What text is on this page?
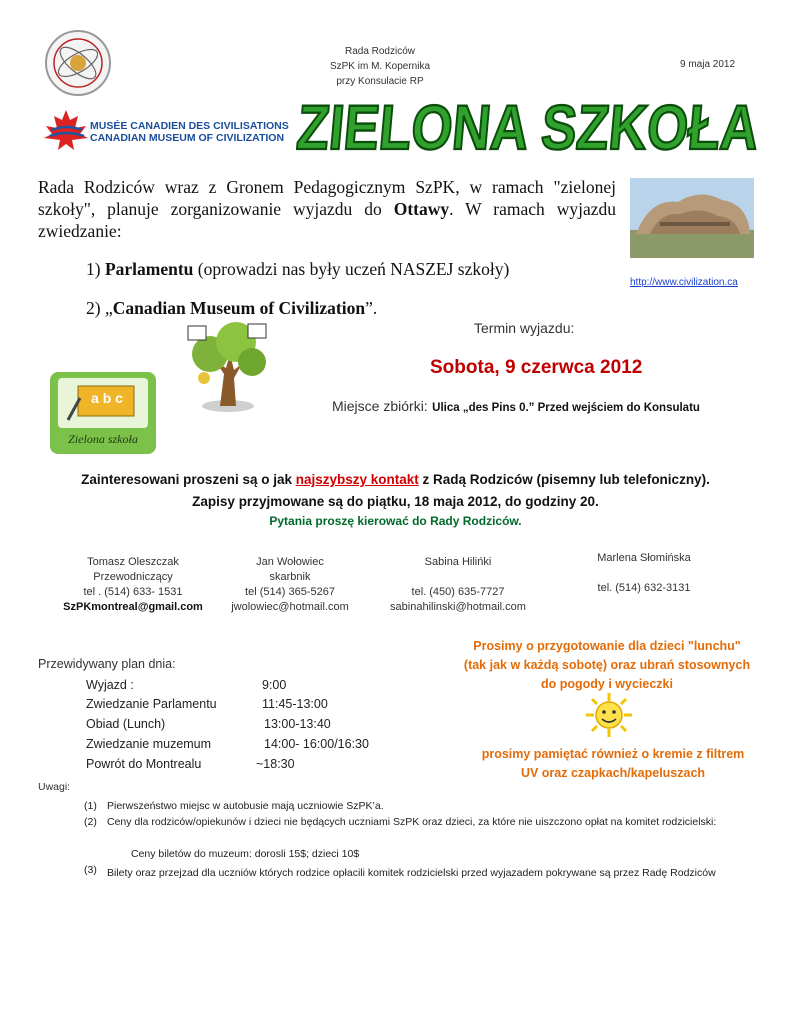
Rada Rodziców
SzPK im M. Kopernika
przy Konsulacie RP
9 maja 2012
MUSÉE CANADIEN DES CIVILISATIONS
CANADIAN MUSEUM OF CIVILIZATION ZIELONA SZKOŁA
Rada Rodziców wraz z Gronem Pedagogicznym SzPK, w ramach "zielonej szkoły", planuje zorganizowanie wyjazdu do Ottawy. W ramach wyjazdu zwiedzanie:
http://www.civilization.ca
1) Parlamentu (oprowadzi nas były uczeń NASZEJ szkoły)
2) „Canadian Museum of Civilization”.
a b c
Zielona szkoła
Termin wyjazdu:
Sobota, 9 czerwca 2012
Miejsce zbiórki: Ulica „des Pins 0.” Przed wejściem do Konsulatu
Zainteresowani proszeni są o jak najszybszy kontakt z Radą Rodziców (pisemny lub telefoniczny).
Zapisy przyjmowane są do piątku, 18 maja 2012, do godziny 20.
Pytania proszę kierować do Rady Rodziców.
Tomasz Oleszczak
Przewodniczący
tel . (514) 633- 1531
SzPKmontreal@gmail.com
Jan Wołowiec
skarbnik
tel (514) 365-5267
jwolowiec@hotmail.com
Sabina Hilińki
tel. (450) 635-7727
sabinahilinski@hotmail.com
Marlena Słomińska
tel. (514) 632-3131
Przewidywany plan dnia:
Wyjazd :	9:00
Zwiedzanie Parlamentu	11:45-13:00
Obiad (Lunch)	13:00-13:40
Zwiedzanie muzemum	14:00- 16:00/16:30
Powrót do Montrealu	~18:30
Prosimy o przygotowanie dla dzieci "lunchu" (tak jak w każdą sobotę) oraz ubrań stosownych do pogody i wycieczki
prosimy pamiętać również o kremie z filtrem UV oraz czapkach/kapeluszach
Uwagi:
(1) Pierwszeństwo miejsc w autobusie mają uczniowie SzPK’a.
(2) Ceny dla rodziców/opiekunów i dzieci nie będących uczniami SzPK oraz dzieci, za które nie uiszczono opłat na komitet rodzicielski:
Ceny biletów do muzeum: dorosli 15$; dzieci 10$
(3) Bilety oraz przejzad dla uczniów których rodzice opłacili komitek rodzicielski przed wyjazadem pokrywane są przez Radę Rodziców
